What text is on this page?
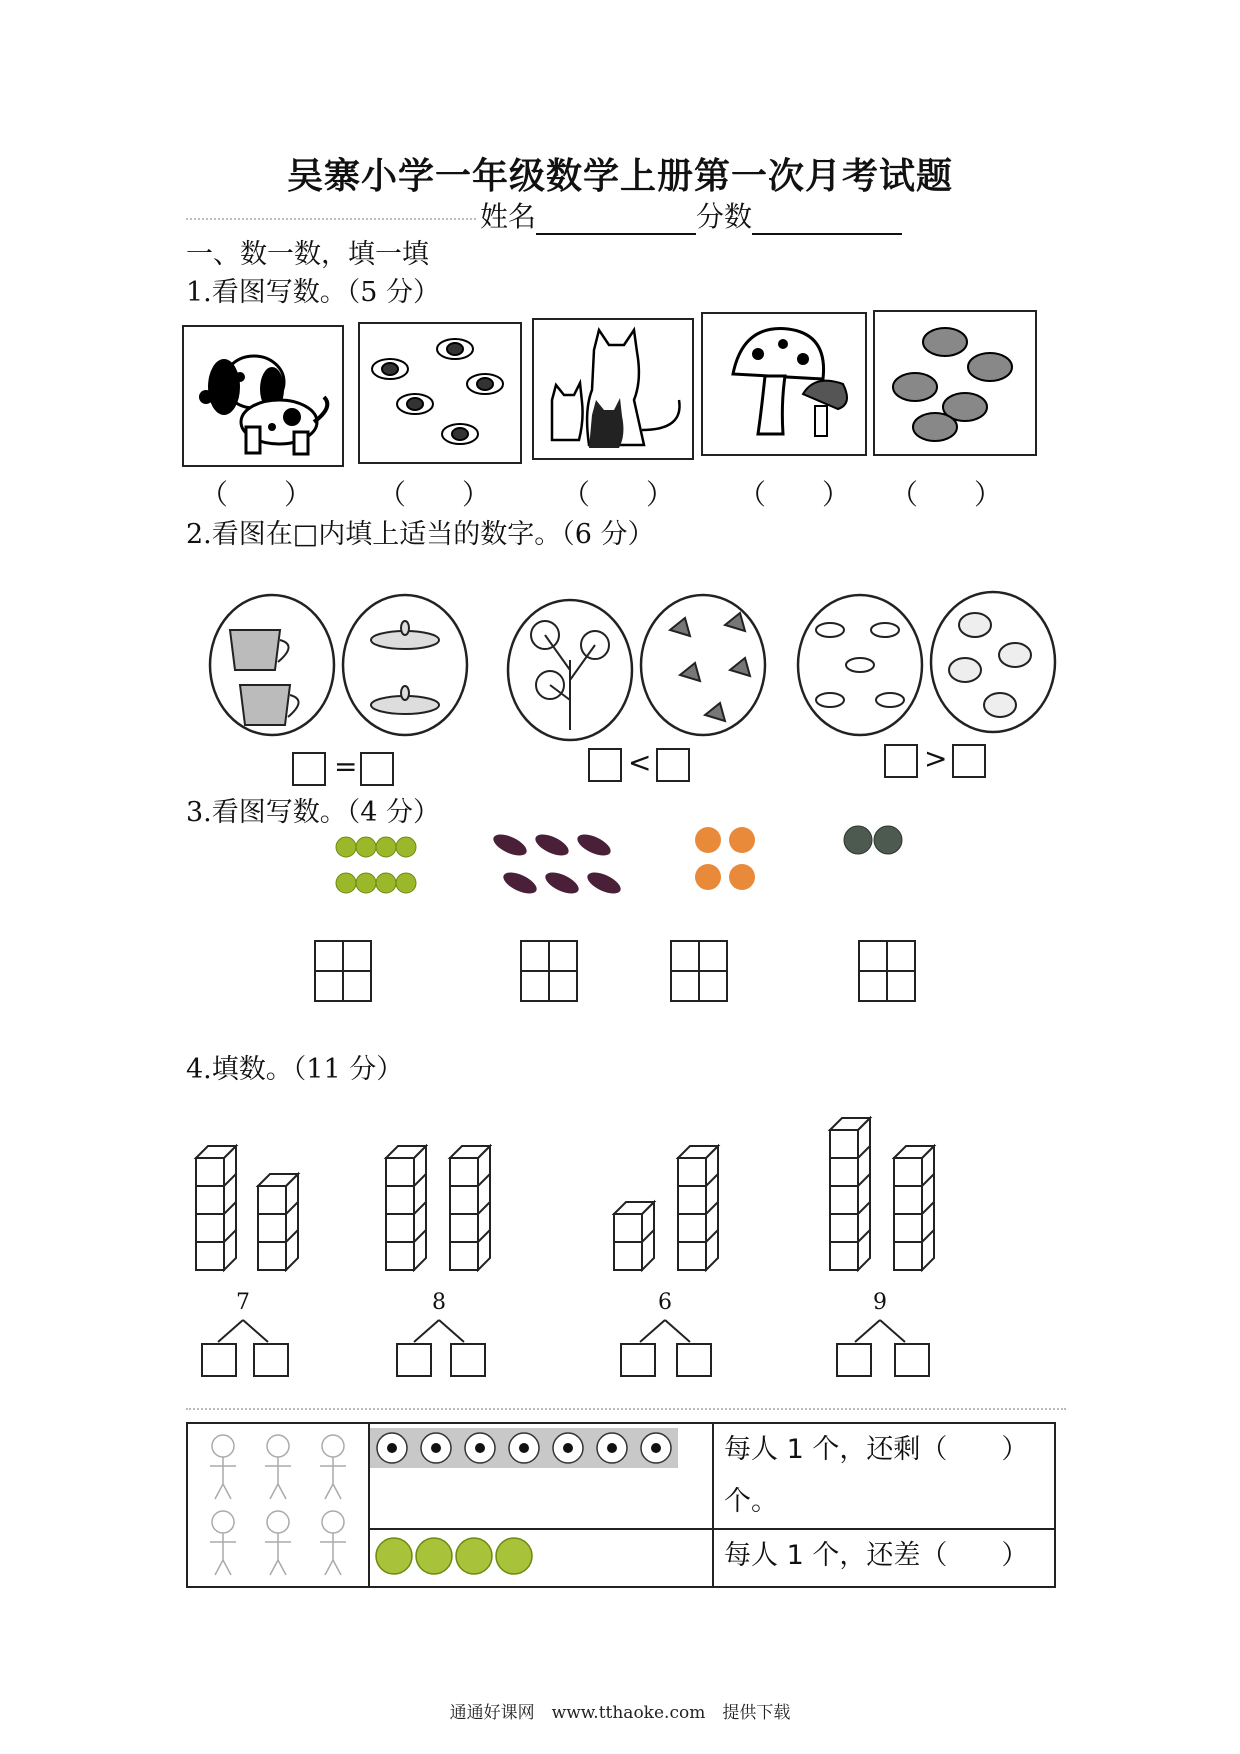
吴寨小学一年级数学上册第一次月考试题
姓名	分数
一、数一数，填一填
1.看图写数。（5 分）
（　　） （　　）	（　　） （　　） （　　）
2.看图在□内填上适当的数字。（6 分）
=	<	>
3.看图写数。（4 分）
4.填数。（11 分）
7	8	6	9
		每人 1 个，还剩（　　）个。
	每人 1 个，还差（　　）
通通好课网　www.tthaoke.com　提供下载
